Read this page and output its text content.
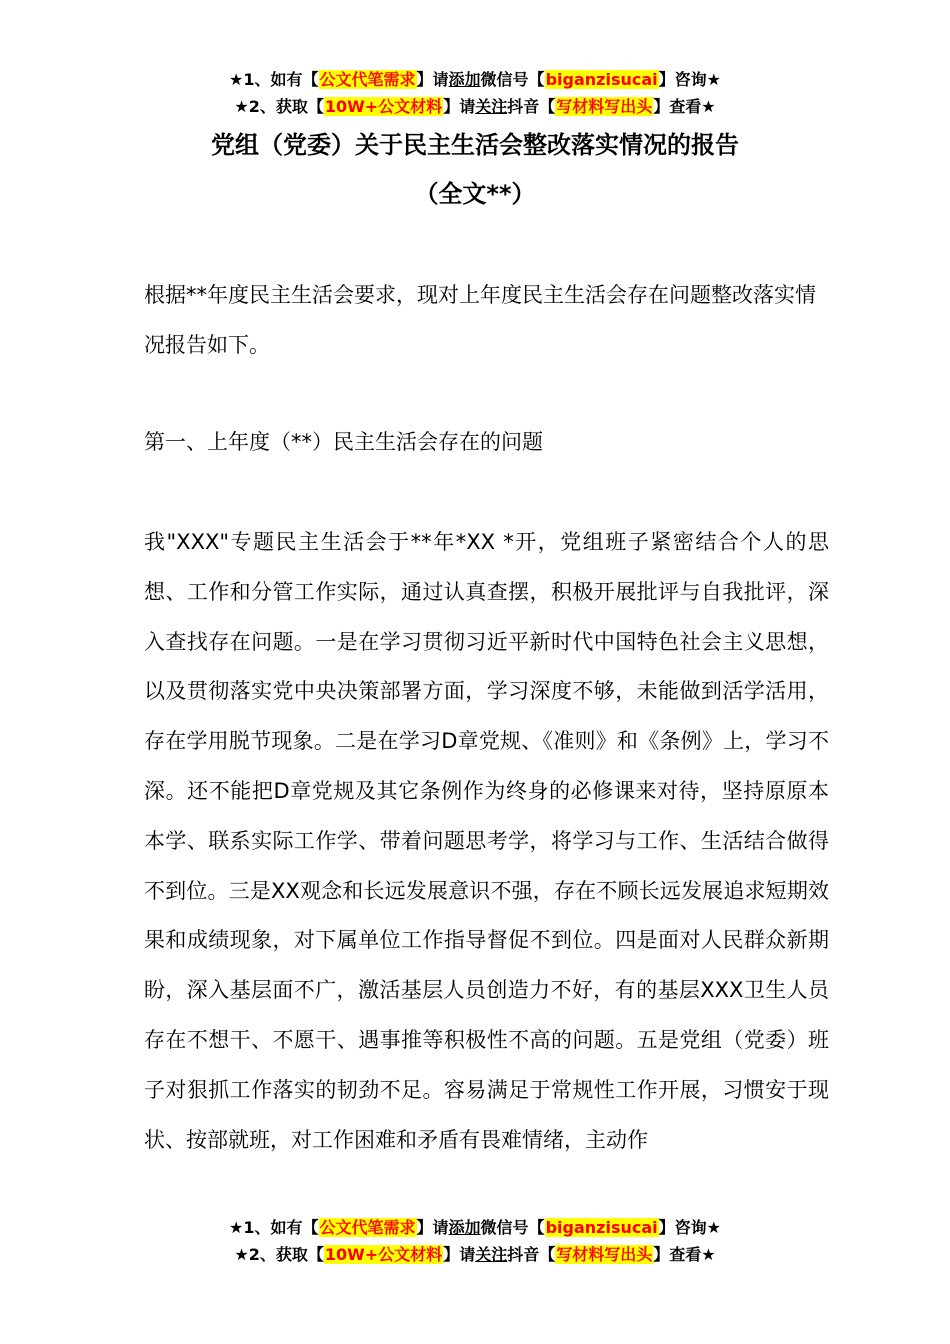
★1、如有【公文代笔需求】请添加微信号【biganzisucai】咨询★
★2、获取【10W+公文材料】请关注抖音【写材料写出头】查看★
党组（党委）关于民主生活会整改落实情况的报告
（全文**）

根据**年度民主生活会要求，现对上年度民主生活会存在问题整改落实情况报告如下。

第一、上年度（**）民主生活会存在的问题

我"XXX"专题民主生活会于**年*XX *开，党组班子紧密结合个人的思想、工作和分管工作实际，通过认真查摆，积极开展批评与自我批评，深入查找存在问题。一是在学习贯彻习近平新时代中国特色社会主义思想，以及贯彻落实党中央决策部署方面，学习深度不够，未能做到活学活用，存在学用脱节现象。二是在学习D章党规、《准则》和《条例》上，学习不深。还不能把D章党规及其它条例作为终身的必修课来对待，坚持原原本本学、联系实际工作学、带着问题思考学，将学习与工作、生活结合做得不到位。三是XX观念和长远发展意识不强，存在不顾长远发展追求短期效果和成绩现象，对下属单位工作指导督促不到位。四是面对人民群众新期盼，深入基层面不广，激活基层人员创造力不好，有的基层XXX卫生人员存在不想干、不愿干、遇事推等积极性不高的问题。五是党组（党委）班子对狠抓工作落实的韧劲不足。容易满足于常规性工作开展，习惯安于现状、按部就班，对工作困难和矛盾有畏难情绪，主动作

★1、如有【公文代笔需求】请添加微信号【biganzisucai】咨询★
★2、获取【10W+公文材料】请关注抖音【写材料写出头】查看★
